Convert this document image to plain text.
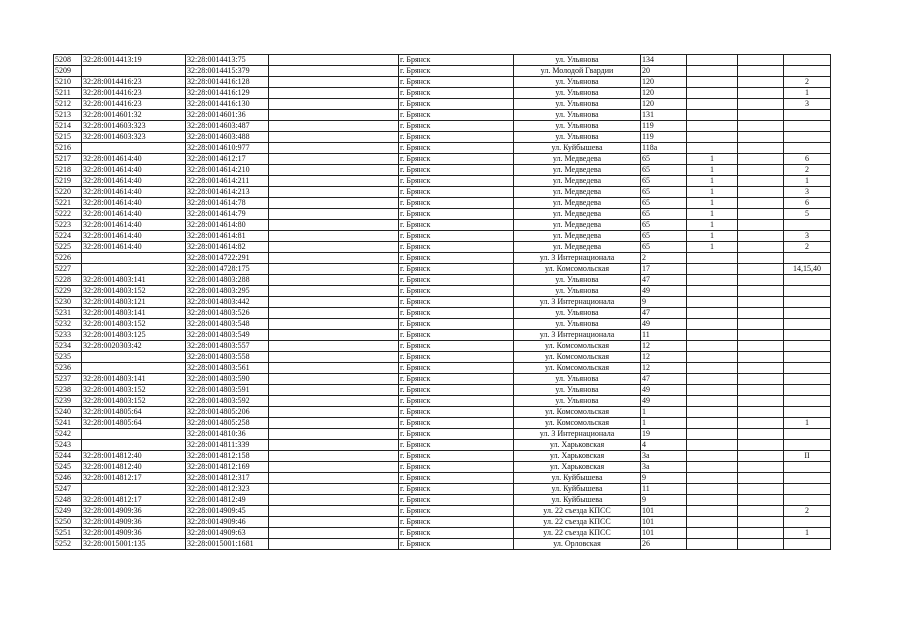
5208	32:28:0014413:19	32:28:0014413:75		г. Брянск	ул. Ульянова	134			
5209		32:28:0014415:379		г. Брянск	ул. Молодой Гвардии	20			
5210	32:28:0014416:23	32:28:0014416:128		г. Брянск	ул. Ульянова	120			2
5211	32:28:0014416:23	32:28:0014416:129		г. Брянск	ул. Ульянова	120			1
5212	32:28:0014416:23	32:28:0014416:130		г. Брянск	ул. Ульянова	120			3
5213	32:28:0014601:32	32:28:0014601:36		г. Брянск	ул. Ульянова	131			
5214	32:28:0014603:323	32:28:0014603:487		г. Брянск	ул. Ульянова	119			
5215	32:28:0014603:323	32:28:0014603:488		г. Брянск	ул. Ульянова	119			
5216		32:28:0014610:977		г. Брянск	ул. Куйбышева	118а			
5217	32:28:0014614:40	32:28:0014612:17		г. Брянск	ул. Медведева	65	1		6
5218	32:28:0014614:40	32:28:0014614:210		г. Брянск	ул. Медведева	65	1		2
5219	32:28:0014614:40	32:28:0014614:211		г. Брянск	ул. Медведева	65	1		1
5220	32:28:0014614:40	32:28:0014614:213		г. Брянск	ул. Медведева	65	1		3
5221	32:28:0014614:40	32:28:0014614:78		г. Брянск	ул. Медведева	65	1		6
5222	32:28:0014614:40	32:28:0014614:79		г. Брянск	ул. Медведева	65	1		5
5223	32:28:0014614:40	32:28:0014614:80		г. Брянск	ул. Медведева	65	1		
5224	32:28:0014614:40	32:28:0014614:81		г. Брянск	ул. Медведева	65	1		3
5225	32:28:0014614:40	32:28:0014614:82		г. Брянск	ул. Медведева	65	1		2
5226		32:28:0014722:291		г. Брянск	ул. 3 Интернационала	2			
5227		32:28:0014728:175		г. Брянск	ул. Комсомольская	17			14,15,40
5228	32:28:0014803:141	32:28:0014803:288		г. Брянск	ул. Ульянова	47			
5229	32:28:0014803:152	32:28:0014803:295		г. Брянск	ул. Ульянова	49			
5230	32:28:0014803:121	32:28:0014803:442		г. Брянск	ул. 3 Интернационала	9			
5231	32:28:0014803:141	32:28:0014803:526		г. Брянск	ул. Ульянова	47			
5232	32:28:0014803:152	32:28:0014803:548		г. Брянск	ул. Ульянова	49			
5233	32:28:0014803:125	32:28:0014803:549		г. Брянск	ул. 3 Интернационала	11			
5234	32:28:0020303:42	32:28:0014803:557		г. Брянск	ул. Комсомольская	12			
5235		32:28:0014803:558		г. Брянск	ул. Комсомольская	12			
5236		32:28:0014803:561		г. Брянск	ул. Комсомольская	12			
5237	32:28:0014803:141	32:28:0014803:590		г. Брянск	ул. Ульянова	47			
5238	32:28:0014803:152	32:28:0014803:591		г. Брянск	ул. Ульянова	49			
5239	32:28:0014803:152	32:28:0014803:592		г. Брянск	ул. Ульянова	49			
5240	32:28:0014805:64	32:28:0014805:206		г. Брянск	ул. Комсомольская	1			
5241	32:28:0014805:64	32:28:0014805:258		г. Брянск	ул. Комсомольская	1			1
5242		32:28:0014810:36		г. Брянск	ул. 3 Интернационала	19			
5243		32:28:0014811:339		г. Брянск	ул. Харьковская	4			
5244	32:28:0014812:40	32:28:0014812:158		г. Брянск	ул. Харьковская	3а			II
5245	32:28:0014812:40	32:28:0014812:169		г. Брянск	ул. Харьковская	3а			
5246	32:28:0014812:17	32:28:0014812:317		г. Брянск	ул. Куйбышева	9			
5247		32:28:0014812:323		г. Брянск	ул. Куйбышева	11			
5248	32:28:0014812:17	32:28:0014812:49		г. Брянск	ул. Куйбышева	9			
5249	32:28:0014909:36	32:28:0014909:45		г. Брянск	ул. 22 съезда КПСС	101			2
5250	32:28:0014909:36	32:28:0014909:46		г. Брянск	ул. 22 съезда КПСС	101			
5251	32:28:0014909:36	32:28:0014909:63		г. Брянск	ул. 22 съезда КПСС	101			1
5252	32:28:0015001:135	32:28:0015001:1681		г. Брянск	ул. Орловская	26			
